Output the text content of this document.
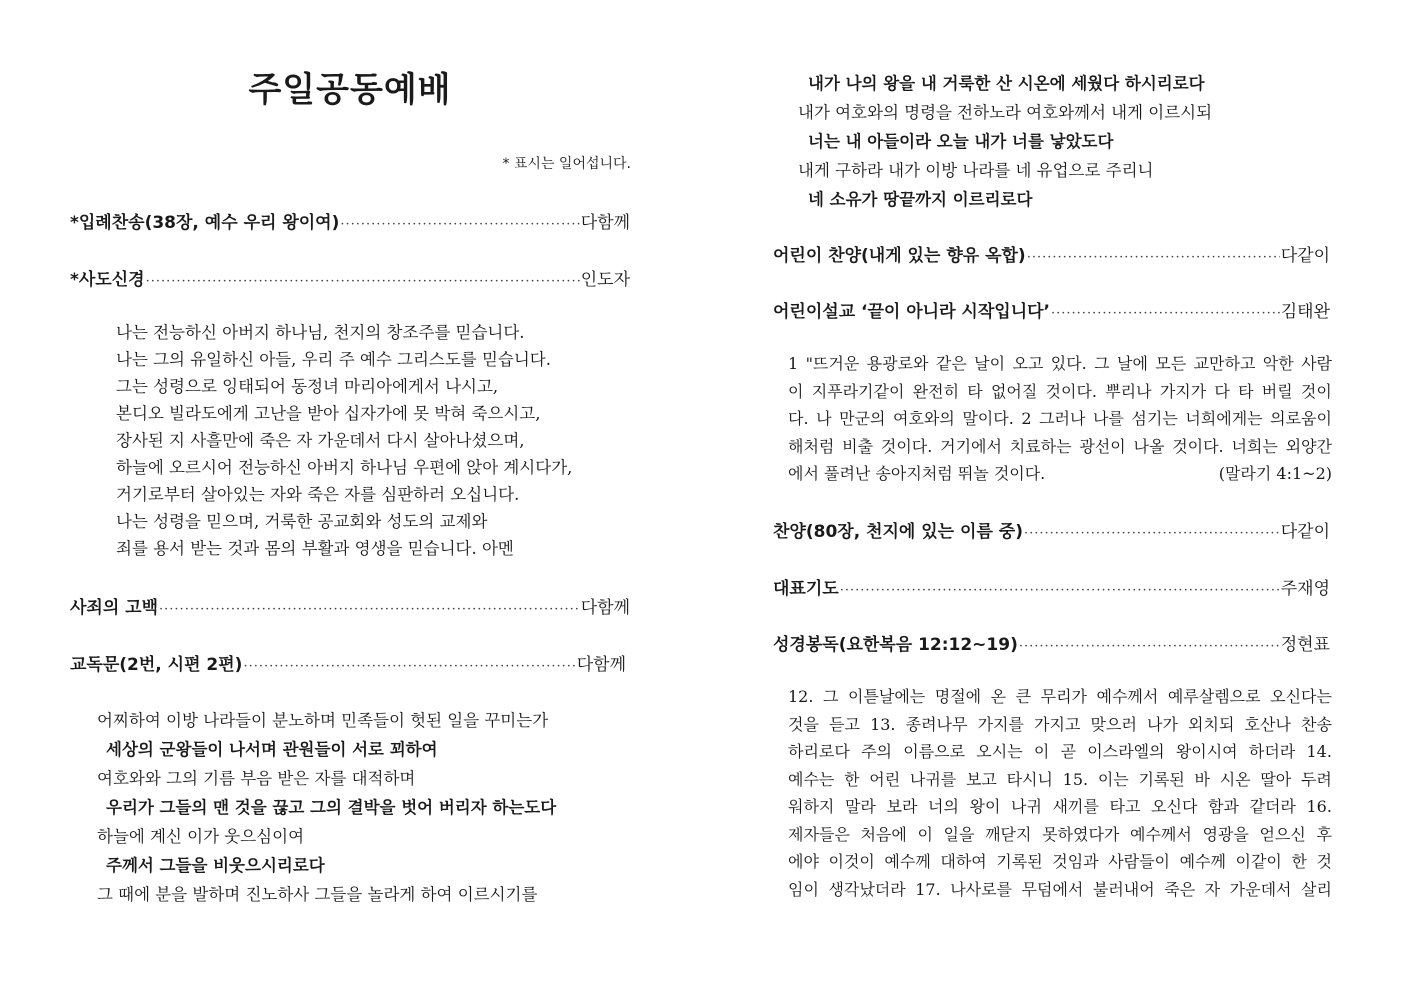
주일공동예배
* 표시는 일어섭니다.
*입례찬송(38장, 예수 우리 왕이여) ·····	다함께
*사도신경 ·····	인도자
나는 전능하신 아버지 하나님, 천지의 창조주를 믿습니다.
나는 그의 유일하신 아들, 우리 주 예수 그리스도를 믿습니다.
그는 성령으로 잉태되어 동정녀 마리아에게서 나시고,
본디오 빌라도에게 고난을 받아 십자가에 못 박혀 죽으시고,
장사된 지 사흘만에 죽은 자 가운데서 다시 살아나셨으며,
하늘에 오르시어 전능하신 아버지 하나님 우편에 앉아 계시다가,
거기로부터 살아있는 자와 죽은 자를 심판하러 오십니다.
나는 성령을 믿으며, 거룩한 공교회와 성도의 교제와
죄를 용서 받는 것과 몸의 부활과 영생을 믿습니다. 아멘
사죄의 고백 ·····	다함께
교독문(2번, 시편 2편) ·····	다함께
어찌하여 이방 나라들이 분노하며 민족들이 헛된 일을 꾸미는가
세상의 군왕들이 나서며 관원들이 서로 꾀하여
여호와와 그의 기름 부음 받은 자를 대적하며
우리가 그들의 맨 것을 끊고 그의 결박을 벗어 버리자 하는도다
하늘에 계신 이가 웃으심이여
주께서 그들을 비웃으시리로다
그 때에 분을 발하며 진노하사 그들을 놀라게 하여 이르시기를
내가 나의 왕을 내 거룩한 산 시온에 세웠다 하시리로다
내가 여호와의 명령을 전하노라 여호와께서 내게 이르시되
너는 내 아들이라 오늘 내가 너를 낳았도다
내게 구하라 내가 이방 나라를 네 유업으로 주리니
네 소유가 땅끝까지 이르리로다
어린이 찬양(내게 있는 향유 옥합) ·····	다같이
어린이설교 ‘끝이 아니라 시작입니다’ ·····	김태완
1 "뜨거운 용광로와 같은 날이 오고 있다. 그 날에 모든 교만하고 악한 사람
이 지푸라기같이 완전히 타 없어질 것이다. 뿌리나 가지가 다 타 버릴 것이
다. 나 만군의 여호와의 말이다. 2 그러나 나를 섬기는 너희에게는 의로움이
해처럼 비출 것이다. 거기에서 치료하는 광선이 나올 것이다. 너희는 외양간
에서 풀려난 송아지처럼 뛰놀 것이다.	(말라기 4:1~2)
찬양(80장, 천지에 있는 이름 중) ·····	다같이
대표기도 ·····	주재영
성경봉독(요한복음 12:12~19) ·····	정현표
12. 그 이튿날에는 명절에 온 큰 무리가 예수께서 예루살렘으로 오신다는
것을 듣고 13. 종려나무 가지를 가지고 맞으러 나가 외치되 호산나 찬송
하리로다 주의 이름으로 오시는 이 곧 이스라엘의 왕이시여 하더라 14.
예수는 한 어린 나귀를 보고 타시니 15. 이는 기록된 바 시온 딸아 두려
워하지 말라 보라 너의 왕이 나귀 새끼를 타고 오신다 함과 같더라 16.
제자들은 처음에 이 일을 깨닫지 못하였다가 예수께서 영광을 얻으신 후
에야 이것이 예수께 대하여 기록된 것임과 사람들이 예수께 이같이 한 것
임이 생각났더라 17. 나사로를 무덤에서 불러내어 죽은 자 가운데서 살리
